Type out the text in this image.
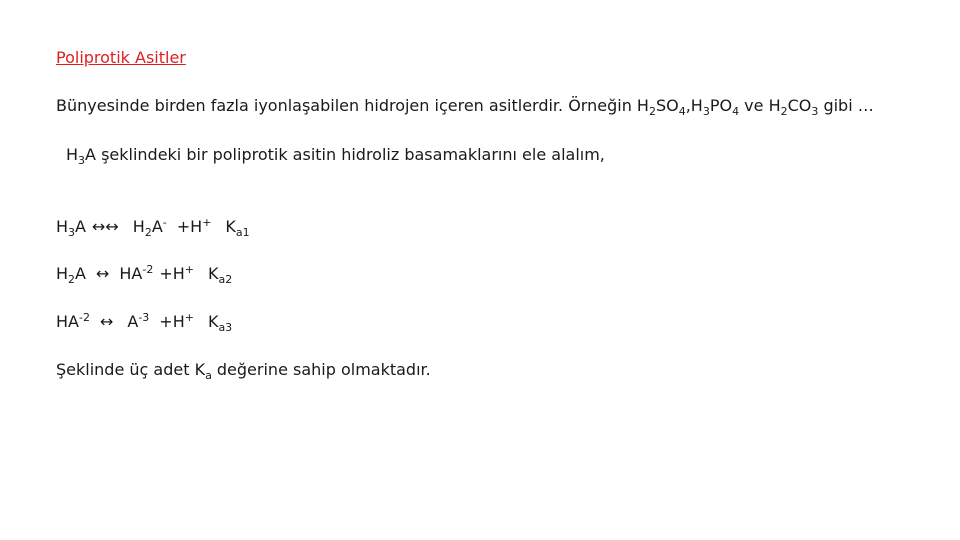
Poliprotik Asitler
Bünyesinde birden fazla iyonlaşabilen hidrojen içeren asitlerdir. Örneğin $H_2SO_4,H_3PO_4$ ve $H_2CO_3$ gibi …
$H_3A$ şeklindeki bir poliprotik asitin hidroliz basamaklarını ele alalım,
$H_3A$ ↔↔ $H_2A^- +H^+$ $K_{a1}$
$H_2A$ ↔ $HA^{-2} +H^+$ $K_{a2}$
$HA^{-2}$ ↔ $A^{-3} +H^+$ $K_{a3}$
Şeklinde üç adet $K_a$ değerine sahip olmaktadır.
